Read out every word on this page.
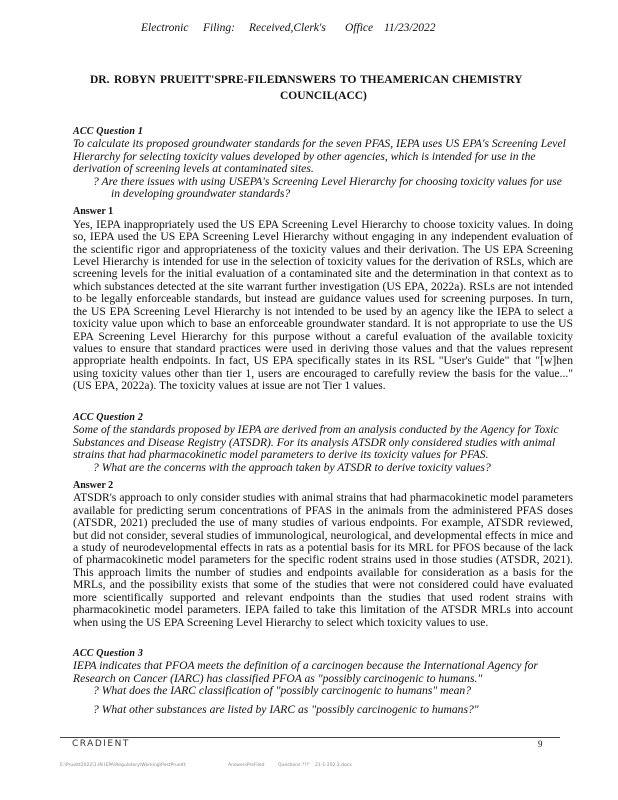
Electronic Filing: Received,Clerk's Office 11/23/2022
DR. ROBYN PRUEITT'SPRE-FILED
ANSWERS TO THEAMERICAN CHEMISTRY
COUNCIL(ACC)
ACC Question 1

To calculate its proposed groundwater standards for the seven PFAS, IEPA uses US EPA's Screening Level Hierarchy for selecting toxicity values developed by other agencies, which is intended for use in the derivation of screening levels at contaminated sites.

? Are there issues with using USEPA's Screening Level Hierarchy for choosing toxicity values for use in developing groundwater standards?

Answer 1

Yes, IEPA inappropriately used the US EPA Screening Level Hierarchy to choose toxicity values. In doing so, IEPA used the US EPA Screening Level Hierarchy without engaging in any independent evaluation of the scientific rigor and appropriateness of the toxicity values and their derivation. The US EPA Screening Level Hierarchy is intended for use in the selection of toxicity values for the derivation of RSLs, which are screening levels for the initial evaluation of a contaminated site and the determination in that context as to which substances detected at the site warrant further investigation (US EPA, 2022a). RSLs are not intended to be legally enforceable standards, but instead are guidance values used for screening purposes. In turn, the US EPA Screening Level Hierarchy is not intended to be used by an agency like the IEPA to select a toxicity value upon which to base an enforceable groundwater standard. It is not appropriate to use the US EPA Screening Level Hierarchy for this purpose without a careful evaluation of the available toxicity values to ensure that standard practices were used in deriving those values and that the values represent appropriate health endpoints. In fact, US EPA specifically states in its RSL "User's Guide" that "[w]hen using toxicity values other than tier 1, users are encouraged to carefully review the basis for the value..." (US EPA, 2022a). The toxicity values at issue are not Tier 1 values.

ACC Question 2

Some of the standards proposed by IEPA are derived from an analysis conducted by the Agency for Toxic Substances and Disease Registry (ATSDR). For its analysis ATSDR only considered studies with animal strains that had pharmacokinetic model parameters to derive its toxicity values for PFAS.

? What are the concerns with the approach taken by ATSDR to derive toxicity values?

Answer 2

ATSDR's approach to only consider studies with animal strains that had pharmacokinetic model parameters available for predicting serum concentrations of PFAS in the animals from the administered PFAS doses (ATSDR, 2021) precluded the use of many studies of various endpoints. For example, ATSDR reviewed, but did not consider, several studies of immunological, neurological, and developmental effects in mice and a study of neurodevelopmental effects in rats as a potential basis for its MRL for PFOS because of the lack of pharmacokinetic model parameters for the specific rodent strains used in those studies (ATSDR, 2021). This approach limits the number of studies and endpoints available for consideration as a basis for the MRLs, and the possibility exists that some of the studies that were not considered could have evaluated more scientifically supported and relevant endpoints than the studies that used rodent strains with pharmacokinetic model parameters. IEPA failed to take this limitation of the ATSDR MRLs into account when using the US EPA Screening Level Hierarchy to select which toxicity values to use.

ACC Question 3

IEPA indicates that PFOA meets the definition of a carcinogen because the International Agency for Research on Cancer (IARC) has classified PFOA as "possibly carcinogenic to humans."

? What does the IARC classification of "possibly carcinogenic to humans" mean?

? What other substances are listed by IARC as "possibly carcinogenic to humans?"

CRADIENT	9
E:\Prueitt2022\1.IN IEPA\Regulatory\Working\PostPrueitt	AnswersPreFiled	Questions ??? 21-1-202 2.docx
